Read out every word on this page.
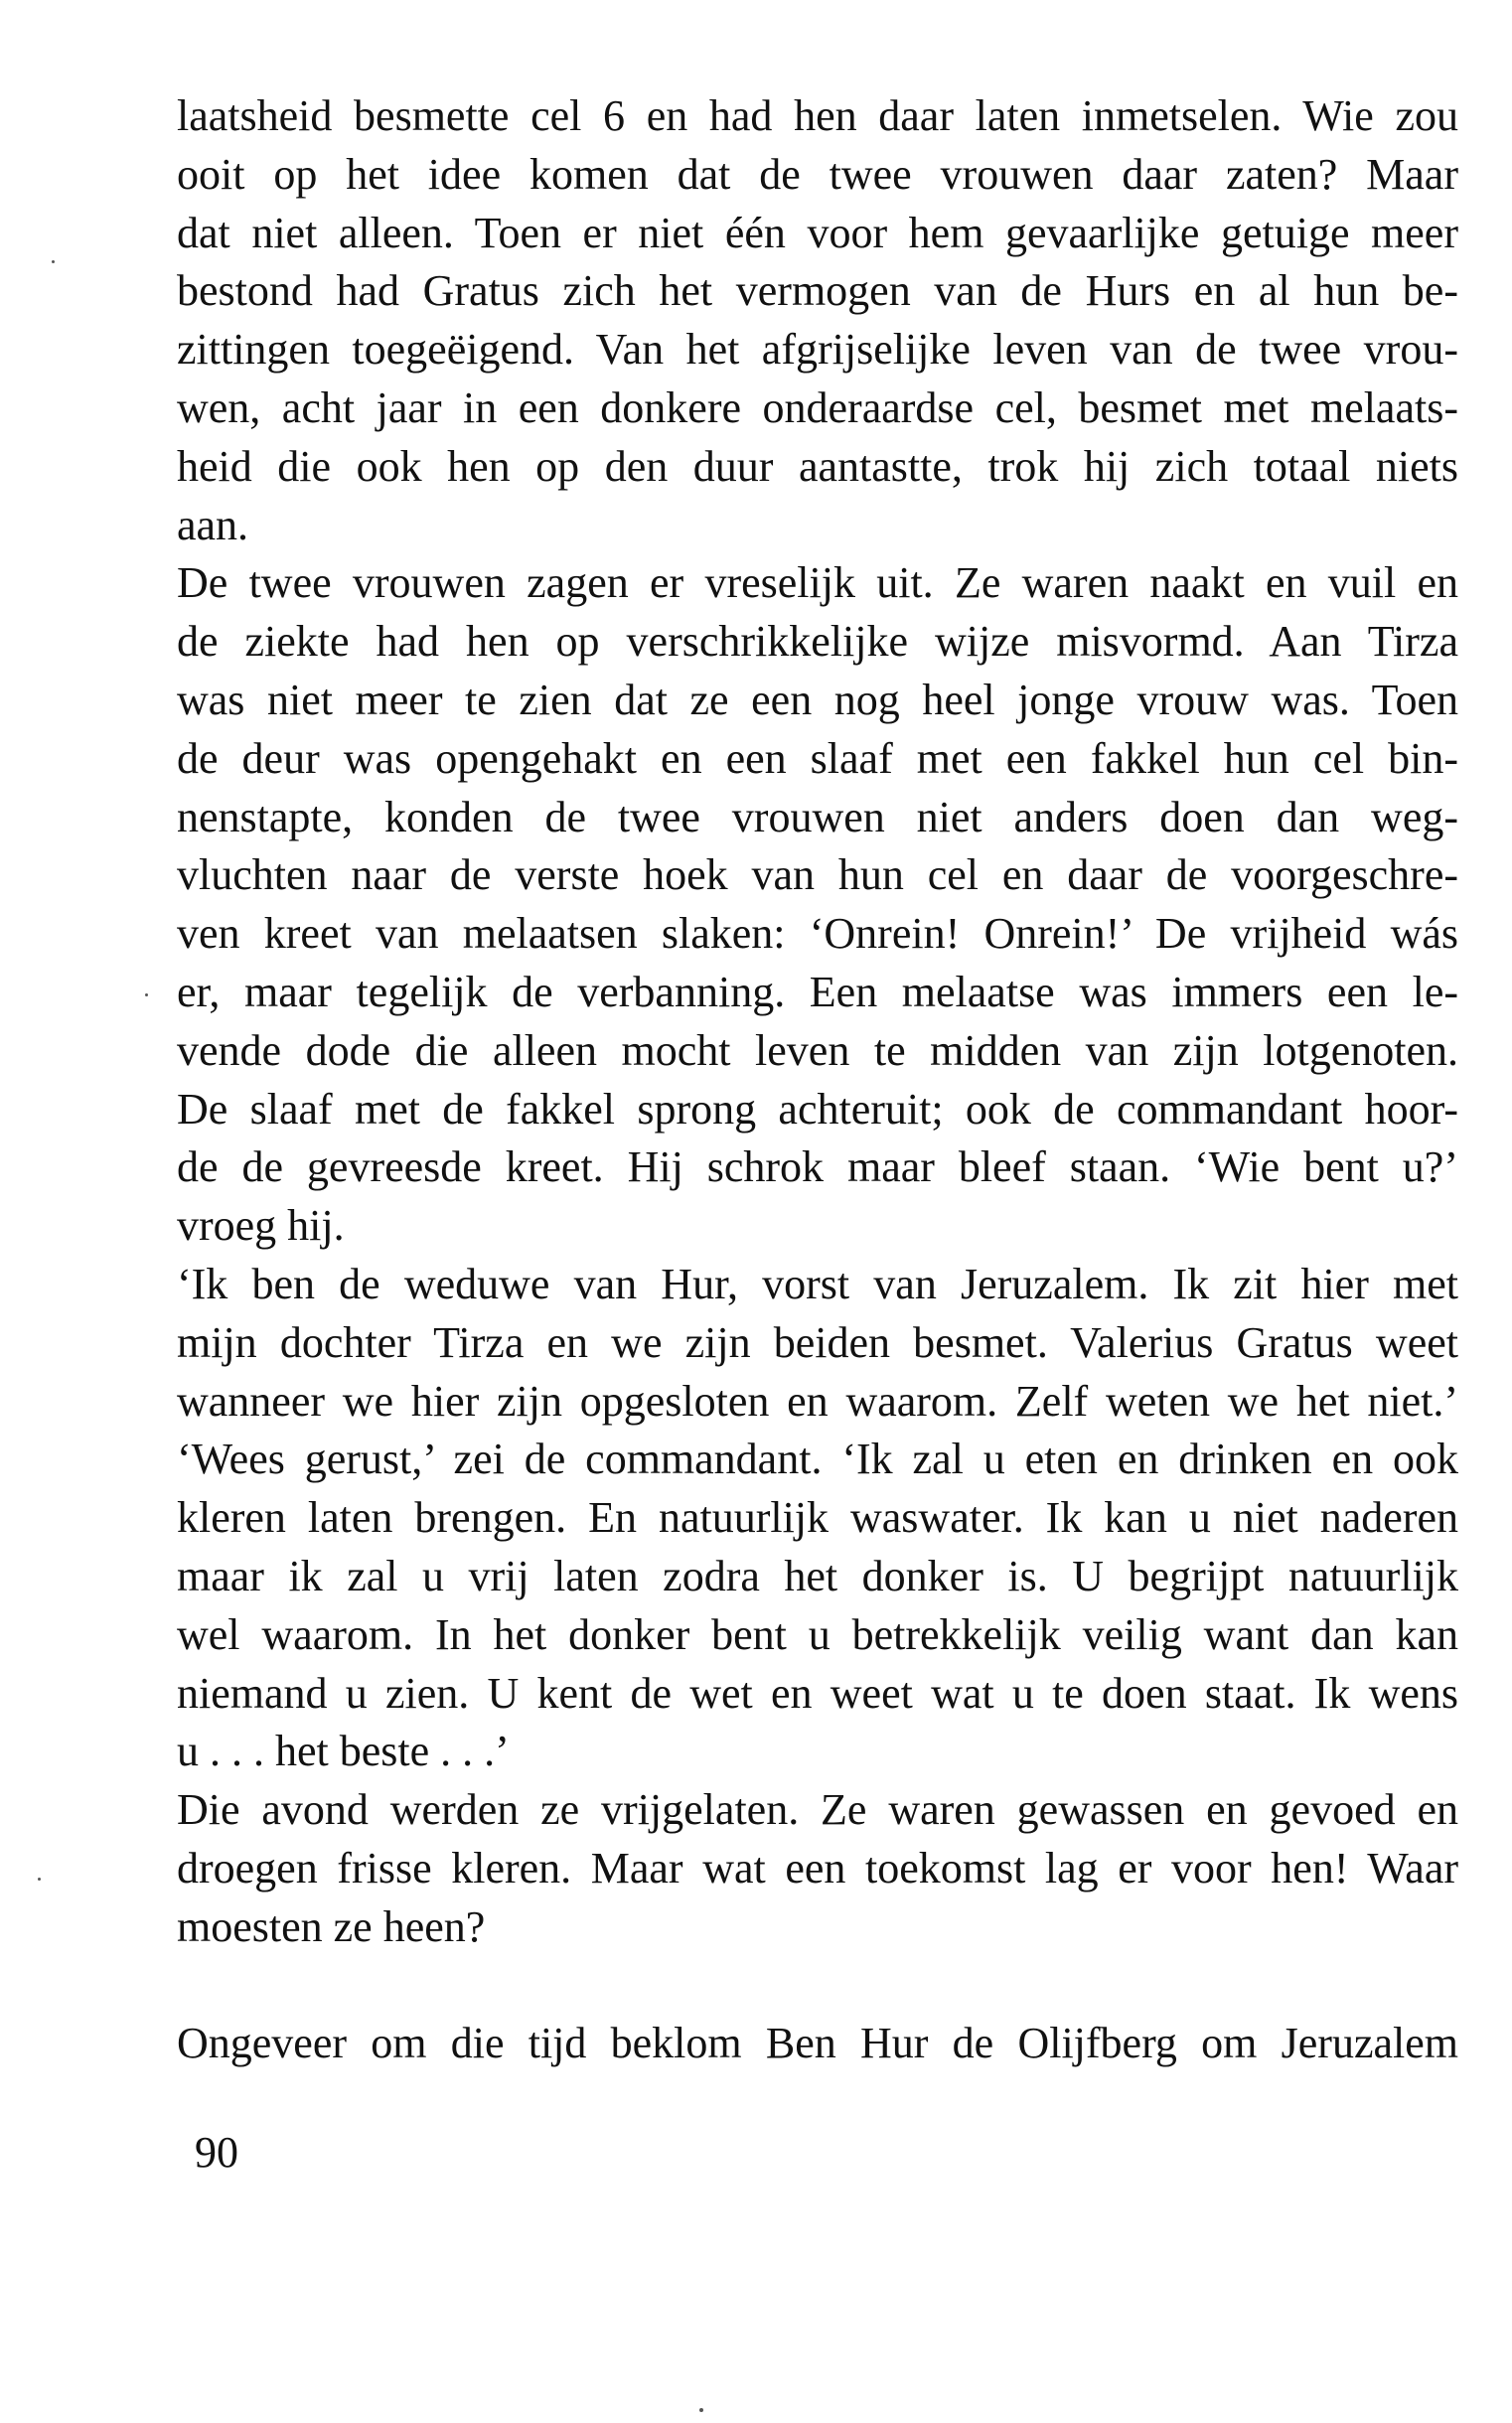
laatsheid besmette cel 6 en had hen daar laten inmetselen. Wie zou
ooit op het idee komen dat de twee vrouwen daar zaten? Maar
dat niet alleen. Toen er niet één voor hem gevaarlijke getuige meer
bestond had Gratus zich het vermogen van de Hurs en al hun be-
zittingen toegeëigend. Van het afgrijselijke leven van de twee vrou-
wen, acht jaar in een donkere onderaardse cel, besmet met melaats-
heid die ook hen op den duur aantastte, trok hij zich totaal niets
aan.
De twee vrouwen zagen er vreselijk uit. Ze waren naakt en vuil en
de ziekte had hen op verschrikkelijke wijze misvormd. Aan Tirza
was niet meer te zien dat ze een nog heel jonge vrouw was. Toen
de deur was opengehakt en een slaaf met een fakkel hun cel bin-
nenstapte, konden de twee vrouwen niet anders doen dan weg-
vluchten naar de verste hoek van hun cel en daar de voorgeschre-
ven kreet van melaatsen slaken: ‘Onrein! Onrein!’ De vrijheid wás
er, maar tegelijk de verbanning. Een melaatse was immers een le-
vende dode die alleen mocht leven te midden van zijn lotgenoten.
De slaaf met de fakkel sprong achteruit; ook de commandant hoor-
de de gevreesde kreet. Hij schrok maar bleef staan. ‘Wie bent u?’
vroeg hij.
‘Ik ben de weduwe van Hur, vorst van Jeruzalem. Ik zit hier met
mijn dochter Tirza en we zijn beiden besmet. Valerius Gratus weet
wanneer we hier zijn opgesloten en waarom. Zelf weten we het niet.’
‘Wees gerust,’ zei de commandant. ‘Ik zal u eten en drinken en ook
kleren laten brengen. En natuurlijk waswater. Ik kan u niet naderen
maar ik zal u vrij laten zodra het donker is. U begrijpt natuurlijk
wel waarom. In het donker bent u betrekkelijk veilig want dan kan
niemand u zien. U kent de wet en weet wat u te doen staat. Ik wens
u . . . het beste . . .’
Die avond werden ze vrijgelaten. Ze waren gewassen en gevoed en
droegen frisse kleren. Maar wat een toekomst lag er voor hen! Waar
moesten ze heen?
Ongeveer om die tijd beklom Ben Hur de Olijfberg om Jeruzalem
90
